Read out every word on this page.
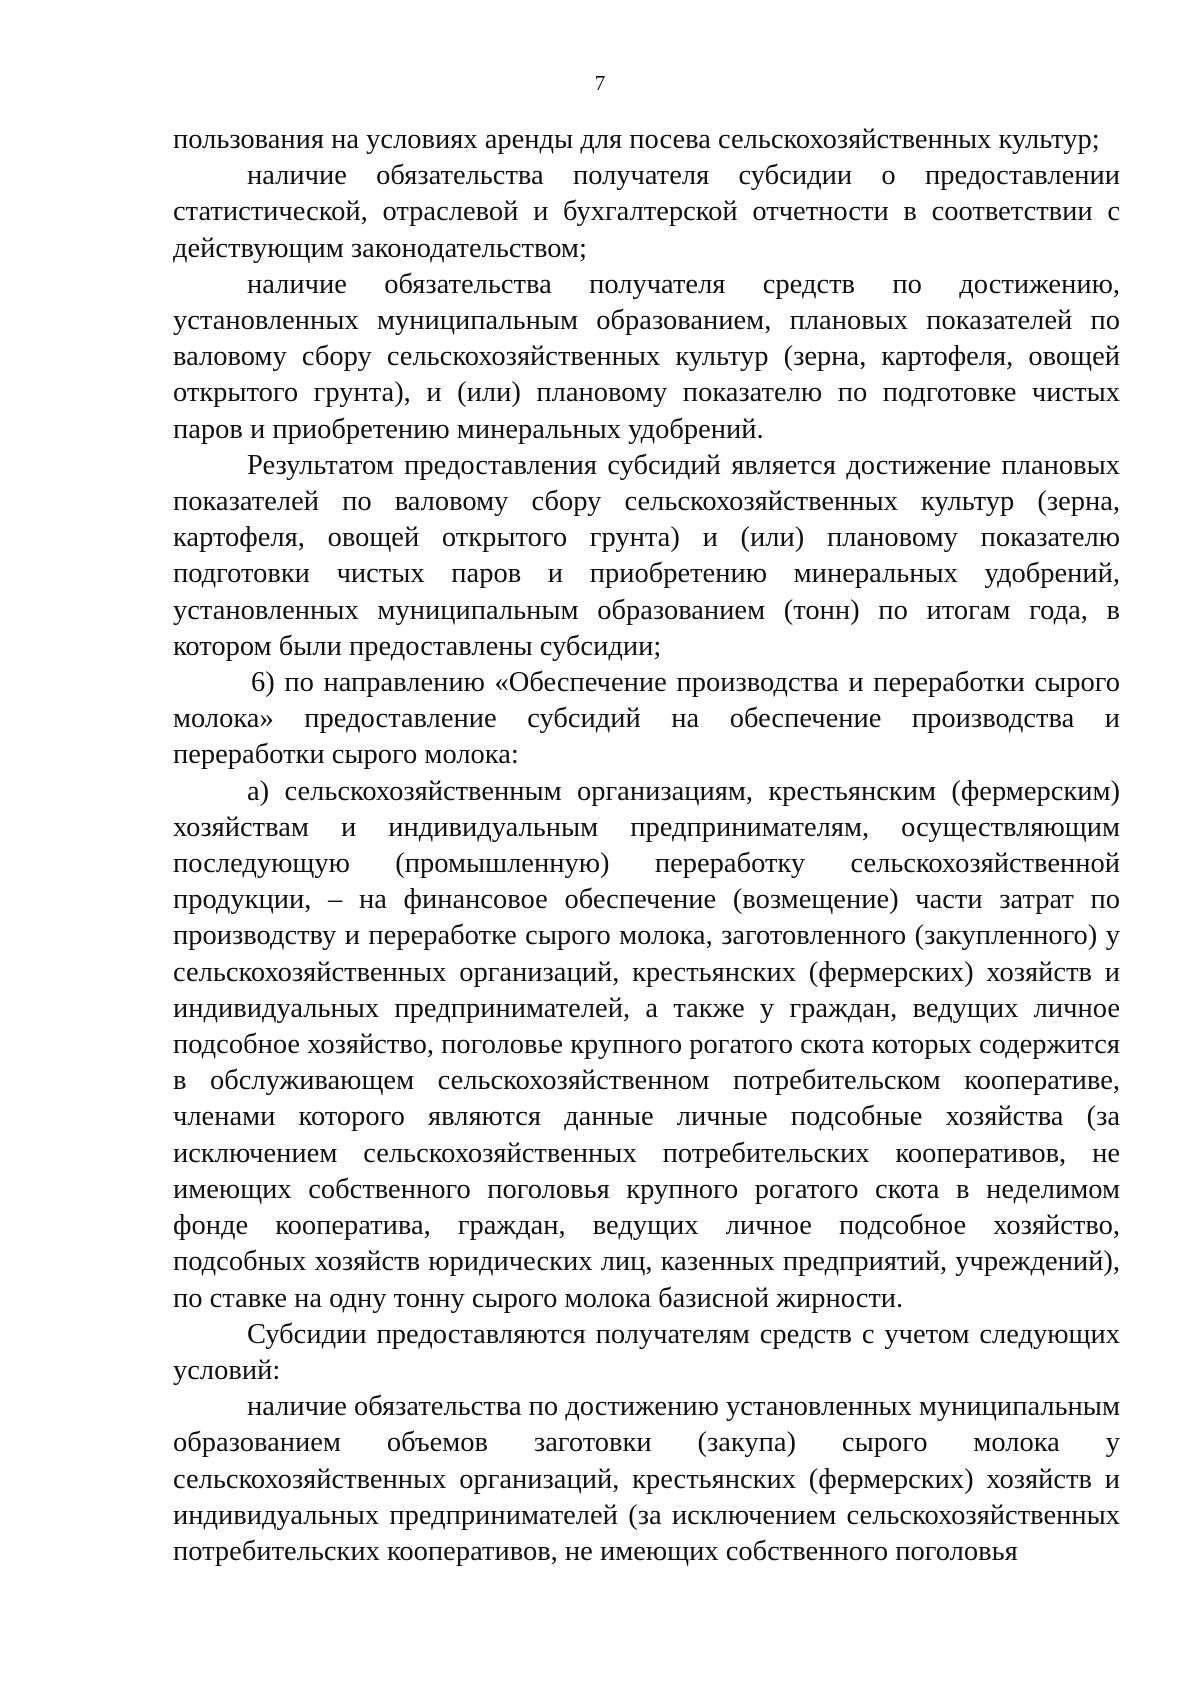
7

пользования на условиях аренды для посева сельскохозяйственных культур;

наличие обязательства получателя субсидии о предоставлении статистической, отраслевой и бухгалтерской отчетности в соответствии с действующим законодательством;

наличие обязательства получателя средств по достижению, установленных муниципальным образованием, плановых показателей по валовому сбору сельскохозяйственных культур (зерна, картофеля, овощей открытого грунта), и (или) плановому показателю по подготовке чистых паров и приобретению минеральных удобрений.

Результатом предоставления субсидий является достижение плановых показателей по валовому сбору сельскохозяйственных культур (зерна, картофеля, овощей открытого грунта) и (или) плановому показателю подготовки чистых паров и приобретению минеральных удобрений, установленных муниципальным образованием (тонн) по итогам года, в котором были предоставлены субсидии;

6) по направлению «Обеспечение производства и переработки сырого молока» предоставление субсидий на обеспечение производства и переработки сырого молока:

а) сельскохозяйственным организациям, крестьянским (фермерским) хозяйствам и индивидуальным предпринимателям, осуществляющим последующую (промышленную) переработку сельскохозяйственной продукции, – на финансовое обеспечение (возмещение) части затрат по производству и переработке сырого молока, заготовленного (закупленного) у сельскохозяйственных организаций, крестьянских (фермерских) хозяйств и индивидуальных предпринимателей, а также у граждан, ведущих личное подсобное хозяйство, поголовье крупного рогатого скота которых содержится в обслуживающем сельскохозяйственном потребительском кооперативе, членами которого являются данные личные подсобные хозяйства (за исключением сельскохозяйственных потребительских кооперативов, не имеющих собственного поголовья крупного рогатого скота в неделимом фонде кооператива, граждан, ведущих личное подсобное хозяйство, подсобных хозяйств юридических лиц, казенных предприятий, учреждений), по ставке на одну тонну сырого молока базисной жирности.

Субсидии предоставляются получателям средств с учетом следующих условий:

наличие обязательства по достижению установленных муниципальным образованием объемов заготовки (закупа) сырого молока у сельскохозяйственных организаций, крестьянских (фермерских) хозяйств и индивидуальных предпринимателей (за исключением сельскохозяйственных потребительских кооперативов, не имеющих собственного поголовья
